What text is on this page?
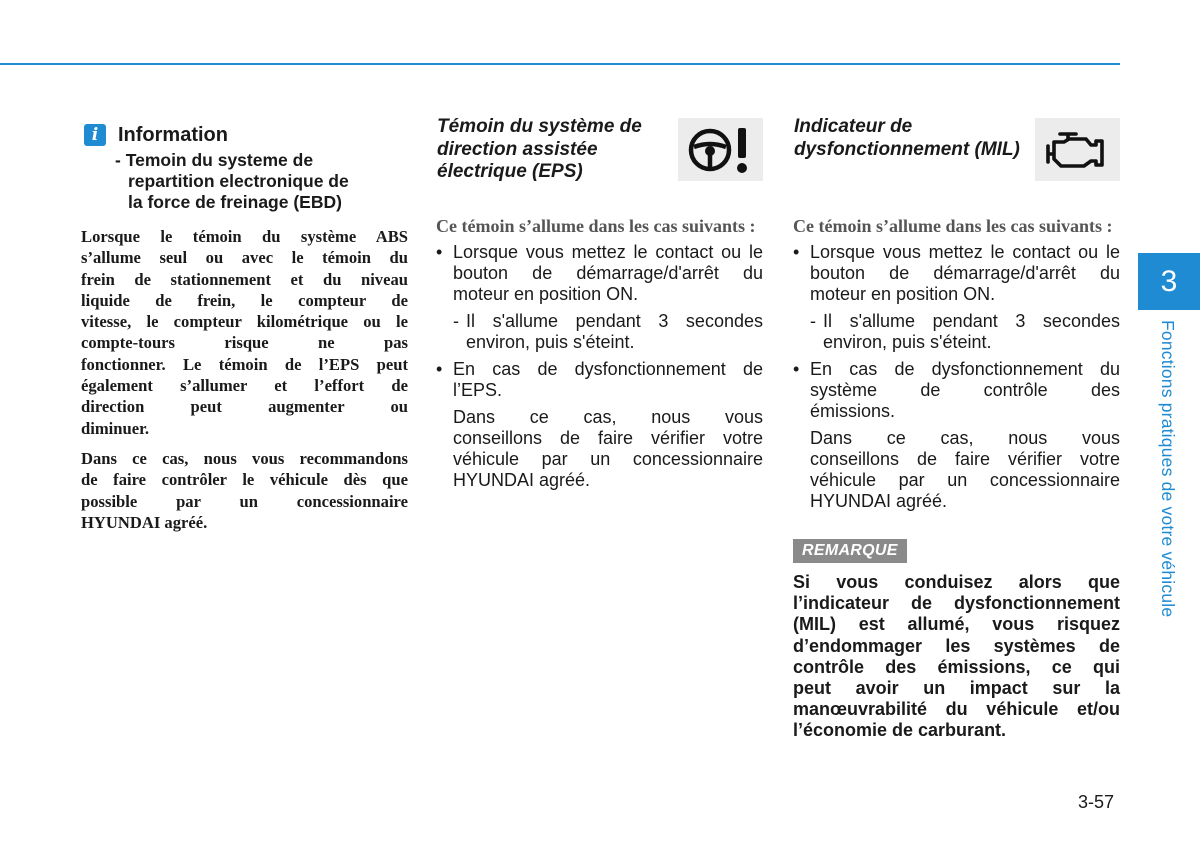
i Information
- Temoin du systeme de
repartition electronique de
la force de freinage (EBD)

Lorsque le témoin du système ABS
s’allume seul ou avec le témoin du
frein de stationnement et du niveau
liquide de frein, le compteur de
vitesse, le compteur kilométrique ou le
compte-tours risque ne pas
fonctionner. Le témoin de l’EPS peut
également s’allumer et l’effort de
direction peut augmenter ou
diminuer.

Dans ce cas, nous vous recommandons
de faire contrôler le véhicule dès que
possible par un concessionnaire
HYUNDAI agréé.

Témoin du système de direction assistée électrique (EPS)
Ce témoin s’allume dans les cas suivants :
• Lorsque vous mettez le contact ou le bouton de démarrage/d'arrêt du moteur en position ON.
- Il s'allume pendant 3 secondes environ, puis s'éteint.
• En cas de dysfonctionnement de l’EPS.
Dans ce cas, nous vous
conseillons de faire vérifier votre
véhicule par un concessionnaire
HYUNDAI agréé.
Indicateur de dysfonctionnement (MIL)
Ce témoin s’allume dans les cas suivants :
• Lorsque vous mettez le contact ou le bouton de démarrage/d'arrêt du moteur en position ON.
- Il s'allume pendant 3 secondes environ, puis s'éteint.
• En cas de dysfonctionnement du
système de contrôle des
émissions.
Dans ce cas, nous vous
conseillons de faire vérifier votre
véhicule par un concessionnaire
HYUNDAI agréé.
REMARQUE
Si vous conduisez alors que
l’indicateur de dysfonctionnement
(MIL) est allumé, vous risquez
d’endommager les systèmes de
contrôle des émissions, ce qui
peut avoir un impact sur la
manœuvrabilité du véhicule et/ou
l’économie de carburant.
3
Fonctions pratiques de votre véhicule
3-57
